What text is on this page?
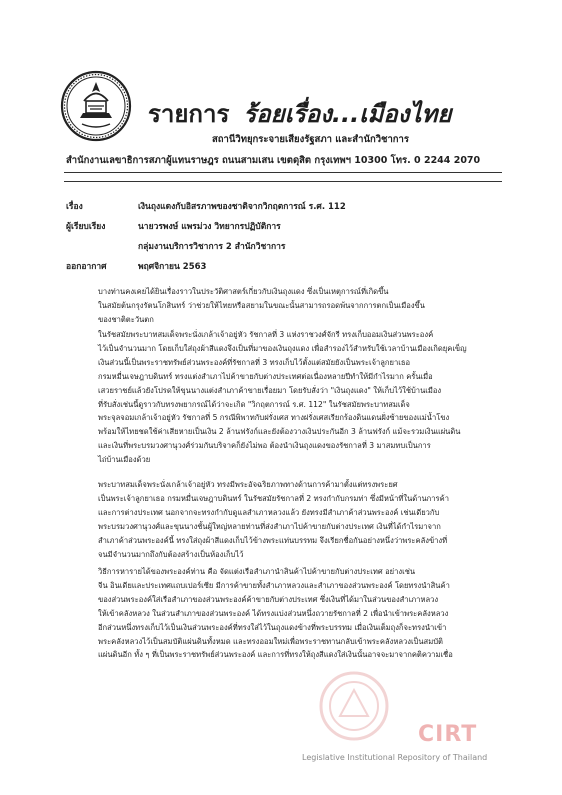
รายการ ร้อยเรื่อง...เมืองไทย
สถานีวิทยุกระจายเสียงรัฐสภา และสำนักวิชาการ
สำนักงานเลขาธิการสภาผู้แทนราษฎร ถนนสามเสน เขตดุสิต กรุงเทพฯ 10300 โทร. 0 2244 2070
เรื่อง	เงินถุงแดงกับอิสรภาพของชาติจากวิกฤตการณ์ ร.ศ. 112
ผู้เรียบเรียง	นายวรพงษ์ แพรม่วง วิทยากรปฏิบัติการ
กลุ่มงานบริการวิชาการ 2 สำนักวิชาการ
ออกอากาศ	พฤศจิกายน 2563
บางท่านคงเคยได้ยินเรื่องราวในประวัติศาสตร์เกี่ยวกับเงินถุงแดง ซึ่งเป็นเหตุการณ์ที่เกิดขึ้น
ในสมัยต้นกรุงรัตนโกสินทร์ ว่าช่วยให้ไทยหรือสยามในขณะนั้นสามารถรอดพ้นจากการตกเป็นเมืองขึ้น
ของชาติตะวันตก
ในรัชสมัยพระบาทสมเด็จพระนั่งเกล้าเจ้าอยู่หัว รัชกาลที่ 3 แห่งราชวงศ์จักรี ทรงเก็บออมเงินส่วนพระองค์
ไว้เป็นจำนวนมาก โดยเก็บใส่ถุงผ้าสีแดงจึงเป็นที่มาของเงินถุงแดง เพื่อสำรองไว้สำหรับใช้เวลาบ้านเมืองเกิดยุคเข็ญ
เงินส่วนนี้เป็นพระราชทรัพย์ส่วนพระองค์ที่รัชกาลที่ 3 ทรงเก็บไว้ตั้งแต่สมัยยังเป็นพระเจ้าลูกยาเธอ
กรมหมื่นเจษฎาบดินทร์ ทรงแต่งสำเภาไปค้าขายกับต่างประเทศต่อเนื่องหลายปีทำให้มีกำไรมาก ครั้นเมื่อ
เสวยราชย์แล้วยังโปรดให้ขุนนางแต่งสำเภาค้าขายเรื่อยมา โดยรับสั่งว่า "เงินถุงแดง" ให้เก็บไว้ใช้บ้านเมือง
ที่รับสั่งเช่นนี้ดูราวกับทรงพยากรณ์ได้ว่าจะเกิด "วิกฤตการณ์ ร.ศ. 112" ในรัชสมัยพระบาทสมเด็จ
พระจุลจอมเกล้าเจ้าอยู่หัว รัชกาลที่ 5 กรณีพิพาทกับฝรั่งเศส ทางฝรั่งเศสเรียกร้องดินแดนฝั่งซ้ายของแม่น้ำโขง
พร้อมให้ไทยชดใช้ค่าเสียหายเป็นเงิน 2 ล้านฟรังก์และยังต้องวางเงินประกันอีก 3 ล้านฟรังก์ แม้จะรวมเงินแผ่นดิน
และเงินที่พระบรมวงศานุวงศ์ร่วมกันบริจาคก็ยังไม่พอ ต้องนำเงินถุงแดงของรัชกาลที่ 3 มาสมทบเป็นการ
ไถ่บ้านเมืองด้วย
พระบาทสมเด็จพระนั่งเกล้าเจ้าอยู่หัว ทรงมีพระอัจฉริยภาพทางด้านการค้ามาตั้งแต่ทรงพระยศ
เป็นพระเจ้าลูกยาเธอ กรมหมื่นเจษฎาบดินทร์ ในรัชสมัยรัชกาลที่ 2 ทรงกำกับกรมท่า ซึ่งมีหน้าที่ในด้านการค้า
และการต่างประเทศ นอกจากจะทรงกำกับดูแลสำเภาหลวงแล้ว ยังทรงมีสำเภาค้าส่วนพระองค์ เช่นเดียวกับ
พระบรมวงศานุวงศ์และขุนนางชั้นผู้ใหญ่หลายท่านที่ส่งสำเภาไปค้าขายกับต่างประเทศ เงินที่ได้กำไรมาจาก
สำเภาค้าส่วนพระองค์นี้ ทรงใส่ถุงผ้าสีแดงเก็บไว้ข้างพระแท่นบรรทม จึงเรียกชื่อกันอย่างหนึ่งว่าพระคลังข้างที่
จนมีจำนวนมากถึงกับต้องสร้างเป็นห้องเก็บไว้
วิธีการหารายได้ของพระองค์ท่าน คือ จัดแต่งเรือสำเภานำสินค้าไปค้าขายกับต่างประเทศ อย่างเช่น
จีน อินเดียและประเทศแถบเปอร์เซีย มีการค้าขายทั้งสำเภาหลวงและสำเภาของส่วนพระองค์ โดยทรงนำสินค้า
ของส่วนพระองค์ใส่เรือสำเภาของส่วนพระองค์ค้าขายกับต่างประเทศ ซึ่งเงินที่ได้มาในส่วนของสำเภาหลวง
ให้เข้าคลังหลวง ในส่วนสำเภาของส่วนพระองค์ ได้ทรงแบ่งส่วนหนึ่งถวายรัชกาลที่ 2 เพื่อนำเข้าพระคลังหลวง
อีกส่วนหนึ่งทรงเก็บไว้เป็นเงินส่วนพระองค์ที่ทรงใส่ไว้ในถุงแดงข้างที่พระบรรทม เมื่อเงินเต็มถุงก็จะทรงนำเข้า
พระคลังหลวงไว้เป็นสมบัติแผ่นดินทั้งหมด และทรงออมใหม่เพื่อพระราชทานกลับเข้าพระคลังหลวงเป็นสมบัติ
แผ่นดินอีก ทั้ง ๆ ที่เป็นพระราชทรัพย์ส่วนพระองค์ และการที่ทรงให้ถุงสีแดงใส่เงินนั้นอาจจะมาจากคติความเชื่อ
CIRT
Legislative Institutional Repository of Thailand
